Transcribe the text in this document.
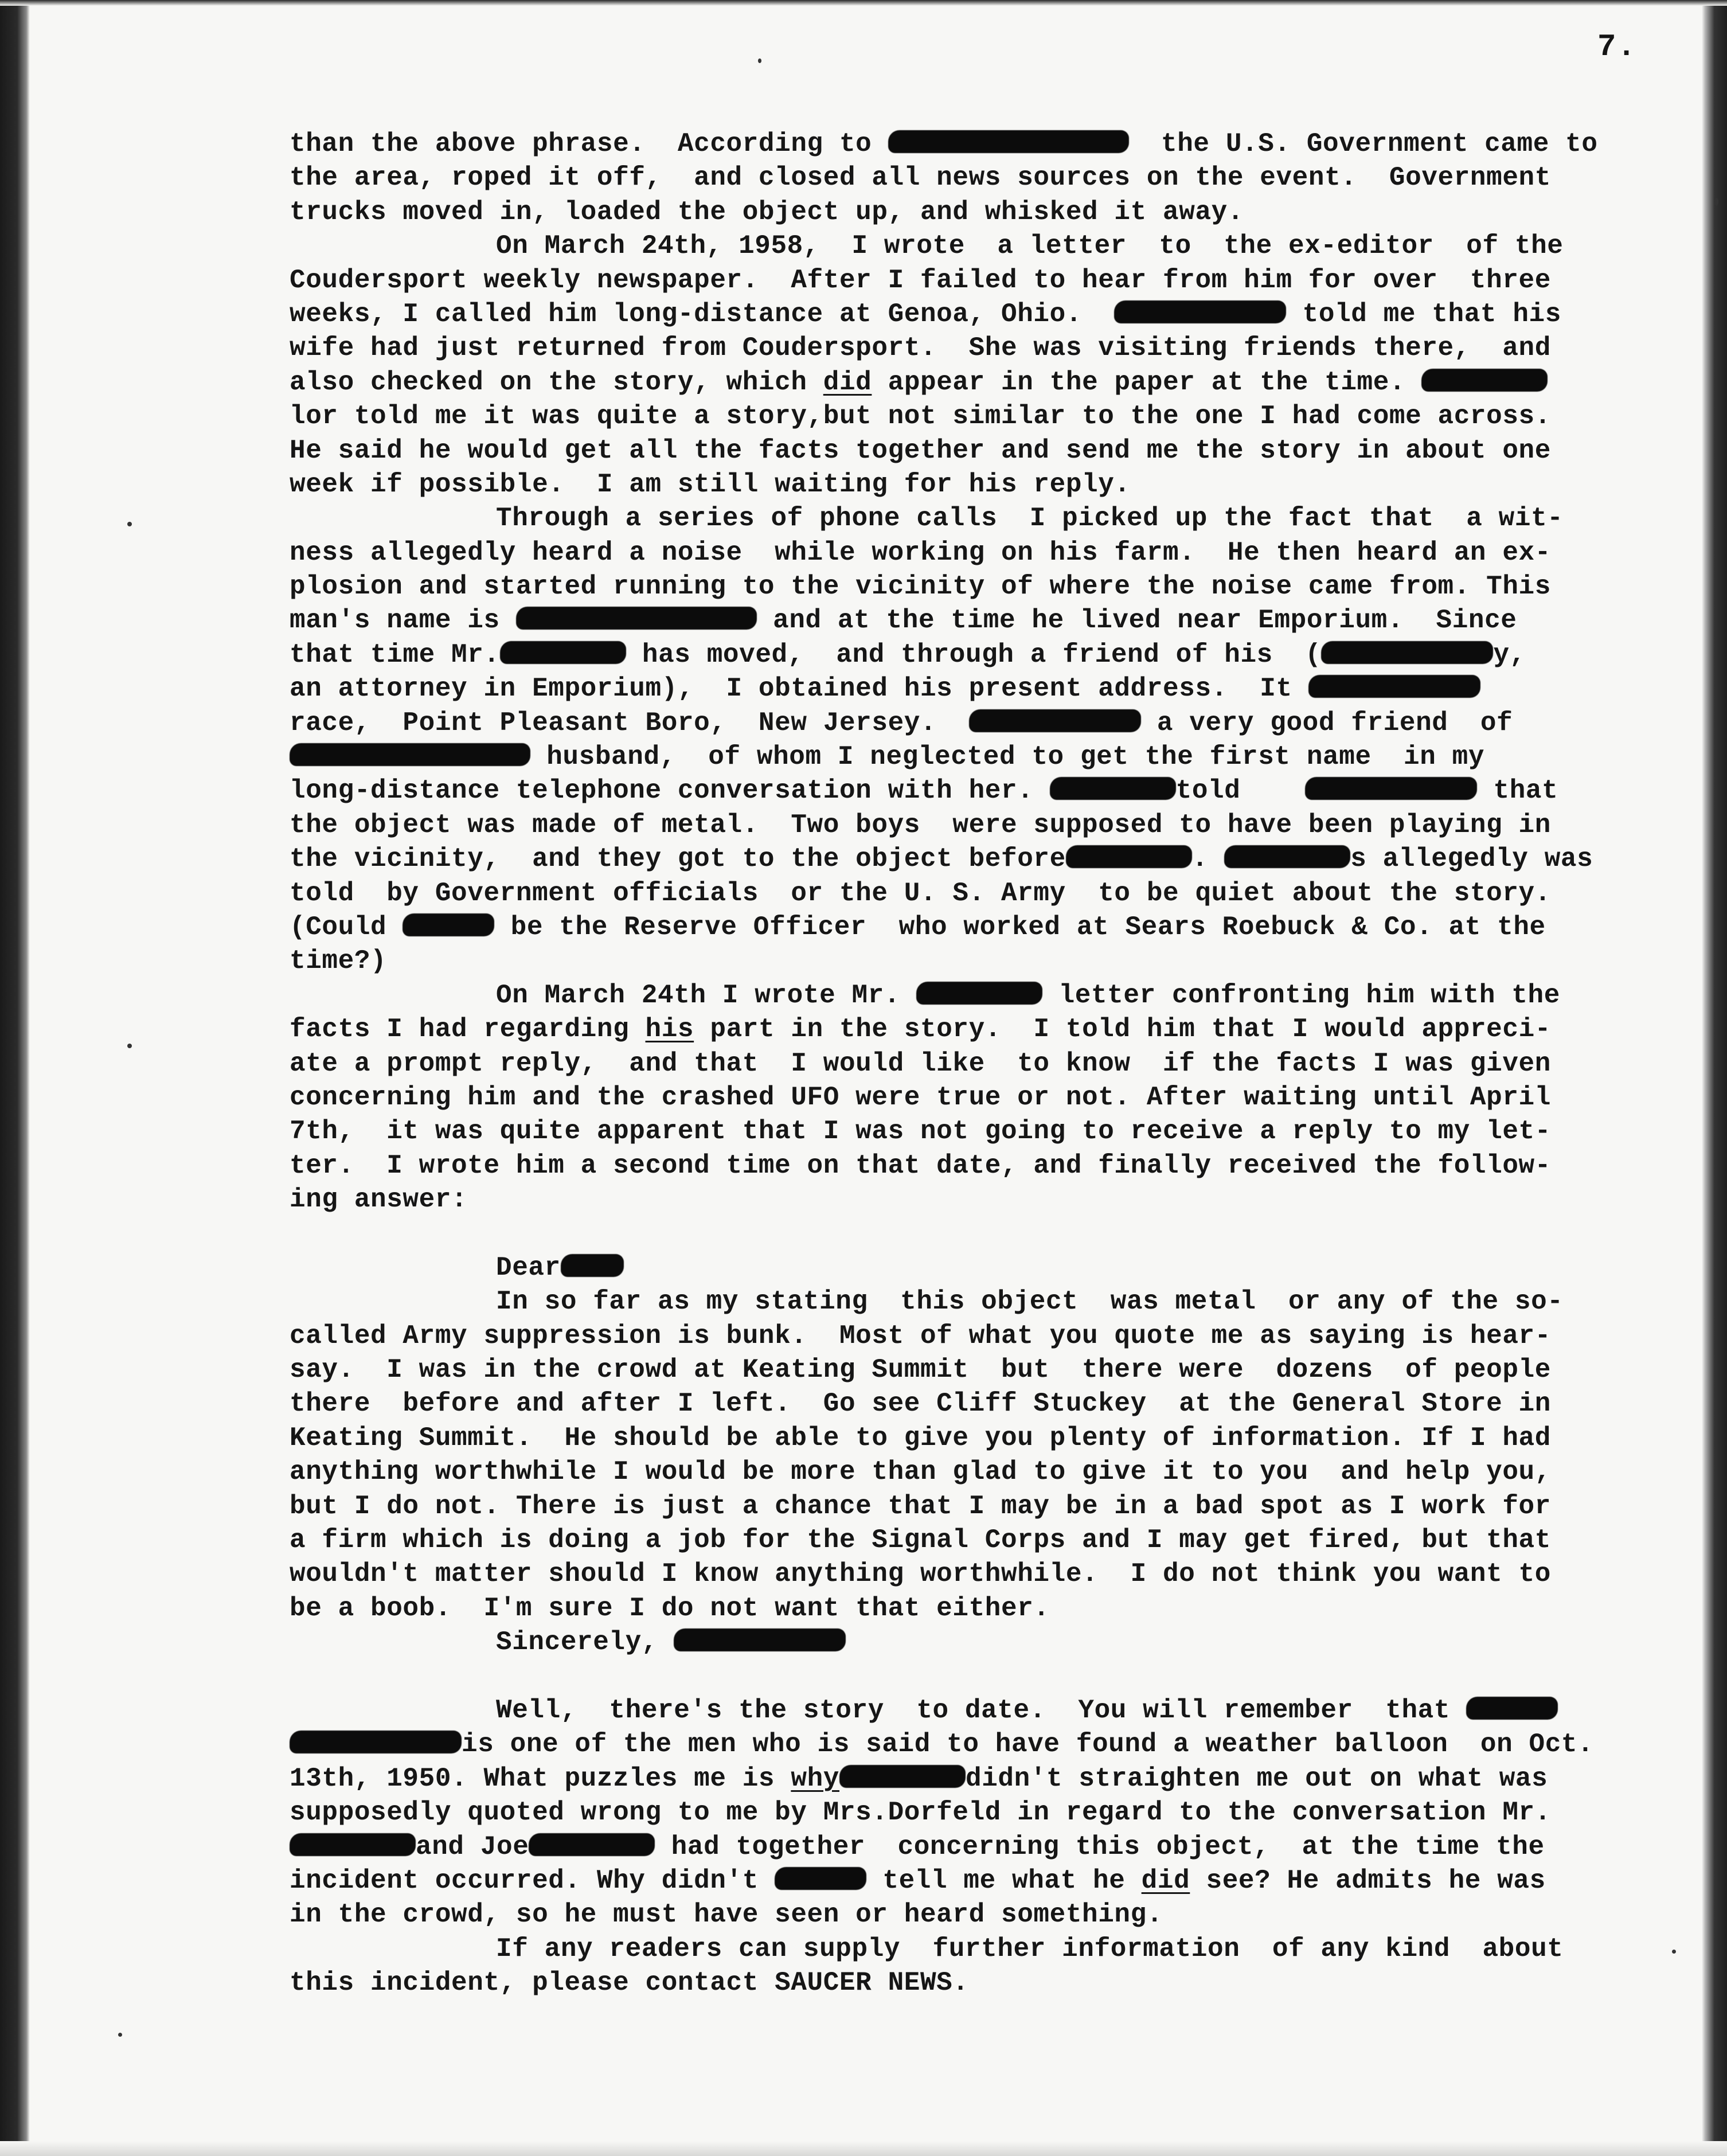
7.
than the above phrase.  According to	the U.S. Government came to
the area, roped it off,  and closed all news sources on the event.  Government
trucks moved in, loaded the object up, and whisked it away.
On March 24th, 1958,  I wrote  a letter  to  the ex-editor  of the
Coudersport weekly newspaper.  After I failed to hear from him for over  three
weeks, I called him long-distance at Genoa, Ohio.	told me that his
wife had just returned from Coudersport.  She was visiting friends there,  and
also checked on the story, which did appear in the paper at the time.
lor told me it was quite a story,but not similar to the one I had come across.
He said he would get all the facts together and send me the story in about one
week if possible.  I am still waiting for his reply.
Through a series of phone calls  I picked up the fact that  a wit-
ness allegedly heard a noise  while working on his farm.  He then heard an ex-
plosion and started running to the vicinity of where the noise came from. This
man's name is	and at the time he lived near Emporium.  Since
that time Mr.	has moved,  and through a friend of his  (	y,
an attorney in Emporium),  I obtained his present address.  It
race,  Point Pleasant Boro,  New Jersey.	a very good friend  of
husband,  of whom I neglected to get the first name  in my
long-distance telephone conversation with her.	told	that
the object was made of metal.  Two boys  were supposed to have been playing in
the vicinity,  and they got to the object before	.	s allegedly was
told  by Government officials  or the U. S. Army  to be quiet about the story.
(Could	be the Reserve Officer  who worked at Sears Roebuck & Co. at the
time?)
On March 24th I wrote Mr.	letter confronting him with the
facts I had regarding his part in the story.  I told him that I would appreci-
ate a prompt reply,  and that  I would like  to know  if the facts I was given
concerning him and the crashed UFO were true or not. After waiting until April
7th,  it was quite apparent that I was not going to receive a reply to my let-
ter.  I wrote him a second time on that date, and finally received the follow-
ing answer:
Dear
In so far as my stating  this object  was metal  or any of the so-
called Army suppression is bunk.  Most of what you quote me as saying is hear-
say.  I was in the crowd at Keating Summit  but  there were  dozens  of people
there  before and after I left.  Go see Cliff Stuckey  at the General Store in
Keating Summit.  He should be able to give you plenty of information. If I had
anything worthwhile I would be more than glad to give it to you  and help you,
but I do not. There is just a chance that I may be in a bad spot as I work for
a firm which is doing a job for the Signal Corps and I may get fired, but that
wouldn't matter should I know anything worthwhile.  I do not think you want to
be a boob.  I'm sure I do not want that either.
Sincerely,
Well,  there's the story  to date.  You will remember  that
is one of the men who is said to have found a weather balloon  on Oct.
13th, 1950. What puzzles me is why	didn't straighten me out on what was
supposedly quoted wrong to me by Mrs.Dorfeld in regard to the conversation Mr.
and Joe	had together  concerning this object,  at the time the
incident occurred. Why didn't	tell me what he did see? He admits he was
in the crowd, so he must have seen or heard something.
If any readers can supply  further information  of any kind  about
this incident, please contact SAUCER NEWS.
